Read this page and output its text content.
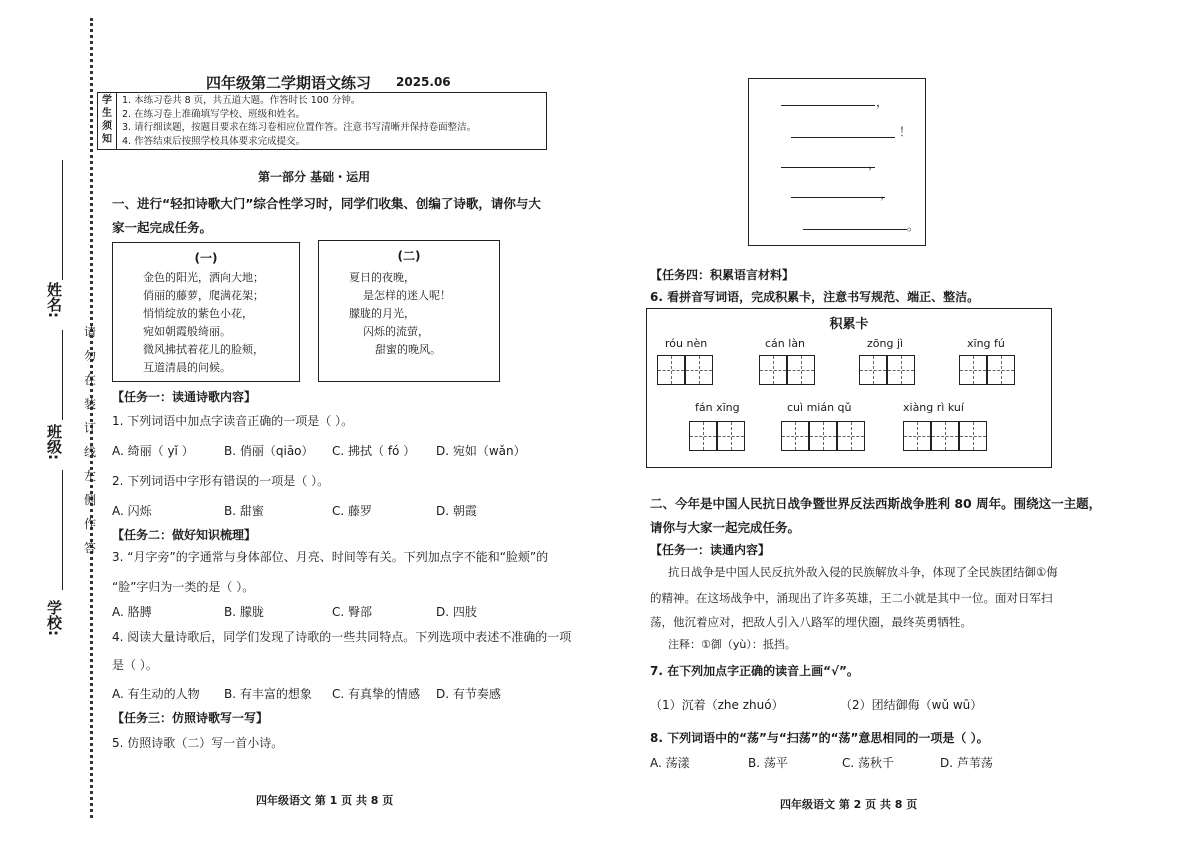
姓名:
班级:
学校:
请
勿
在
装
订
线
左
侧
作
答
四年级第二学期语文练习 2025.06
学
生
须
知
1. 本练习卷共 8 页，共五道大题。作答时长 100 分钟。
2. 在练习卷上准确填写学校、班级和姓名。
3. 请行细读题，按题目要求在练习卷相应位置作答。注意书写清晰并保持卷面整洁。
4. 作答结束后按照学校具体要求完成提交。
第一部分 基础・运用
一、进行“轻扣诗歌大门”综合性学习时，同学们收集、创编了诗歌，请你与大
家一起完成任务。
(一)
金色的阳光，洒向大地；
俏丽的藤萝，爬满花架；
悄悄绽放的紫色小花，
宛如朝霞般绮丽。
微风拂拭着花儿的脸颊，
互道清晨的问候。
(二)
夏日的夜晚，
是怎样的迷人呢！
朦胧的月光，
闪烁的流萤，
甜蜜的晚风。
【任务一：读通诗歌内容】
1. 下列词语中加点字读音正确的一项是（ ）。
A. 绮丽（ yǐ ）	B. 俏丽（qiāo） C. 拂拭（ fó ） D. 宛如（wǎn）
2. 下列词语中字形有错误的一项是（ ）。
A. 闪烁	B. 甜蜜	C. 藤罗	D. 朝霞
【任务二：做好知识梳理】
3. “月字旁”的字通常与身体部位、月亮、时间等有关。下列加点字不能和“脸颊”的
“脸”字归为一类的是（ ）。
A. 胳膊	B. 朦胧	C. 臀部	D. 四肢
4. 阅读大量诗歌后，同学们发现了诗歌的一些共同特点。下列选项中表述不准确的一项
是（ ）。
A. 有生动的人物 B. 有丰富的想象 C. 有真挚的情感 D. 有节奏感
【任务三：仿照诗歌写一写】
5. 仿照诗歌（二）写一首小诗。
四年级语文 第 1 页 共 8 页
，
！
，
，
。
【任务四：积累语言材料】
6. 看拼音写词语，完成积累卡，注意书写规范、端正、整洁。
积累卡
róu nèn	cán làn	zōng jì	xīng fú
fán xīng	cuì mián qǔ	xiàng rì kuí
二、今年是中国人民抗日战争暨世界反法西斯战争胜利 80 周年。围绕这一主题，
请你与大家一起完成任务。
【任务一：读通内容】
抗日战争是中国人民反抗外敌入侵的民族解放斗争，体现了全民族团结御①侮
的精神。在这场战争中，涌现出了许多英雄，王二小就是其中一位。面对日军扫
荡，他沉着应对，把敌人引入八路军的埋伏圈，最终英勇牺牲。
注释：①御（yù）：抵挡。
7. 在下列加点字正确的读音上画“√”。
（1）沉着（zhe zhuó）	（2）团结御侮（wǔ wū）
8. 下列词语中的“荡”与“扫荡”的“荡”意思相同的一项是（ ）。
A. 荡漾	B. 荡平	C. 荡秋千	D. 芦苇荡
四年级语文 第 2 页 共 8 页
